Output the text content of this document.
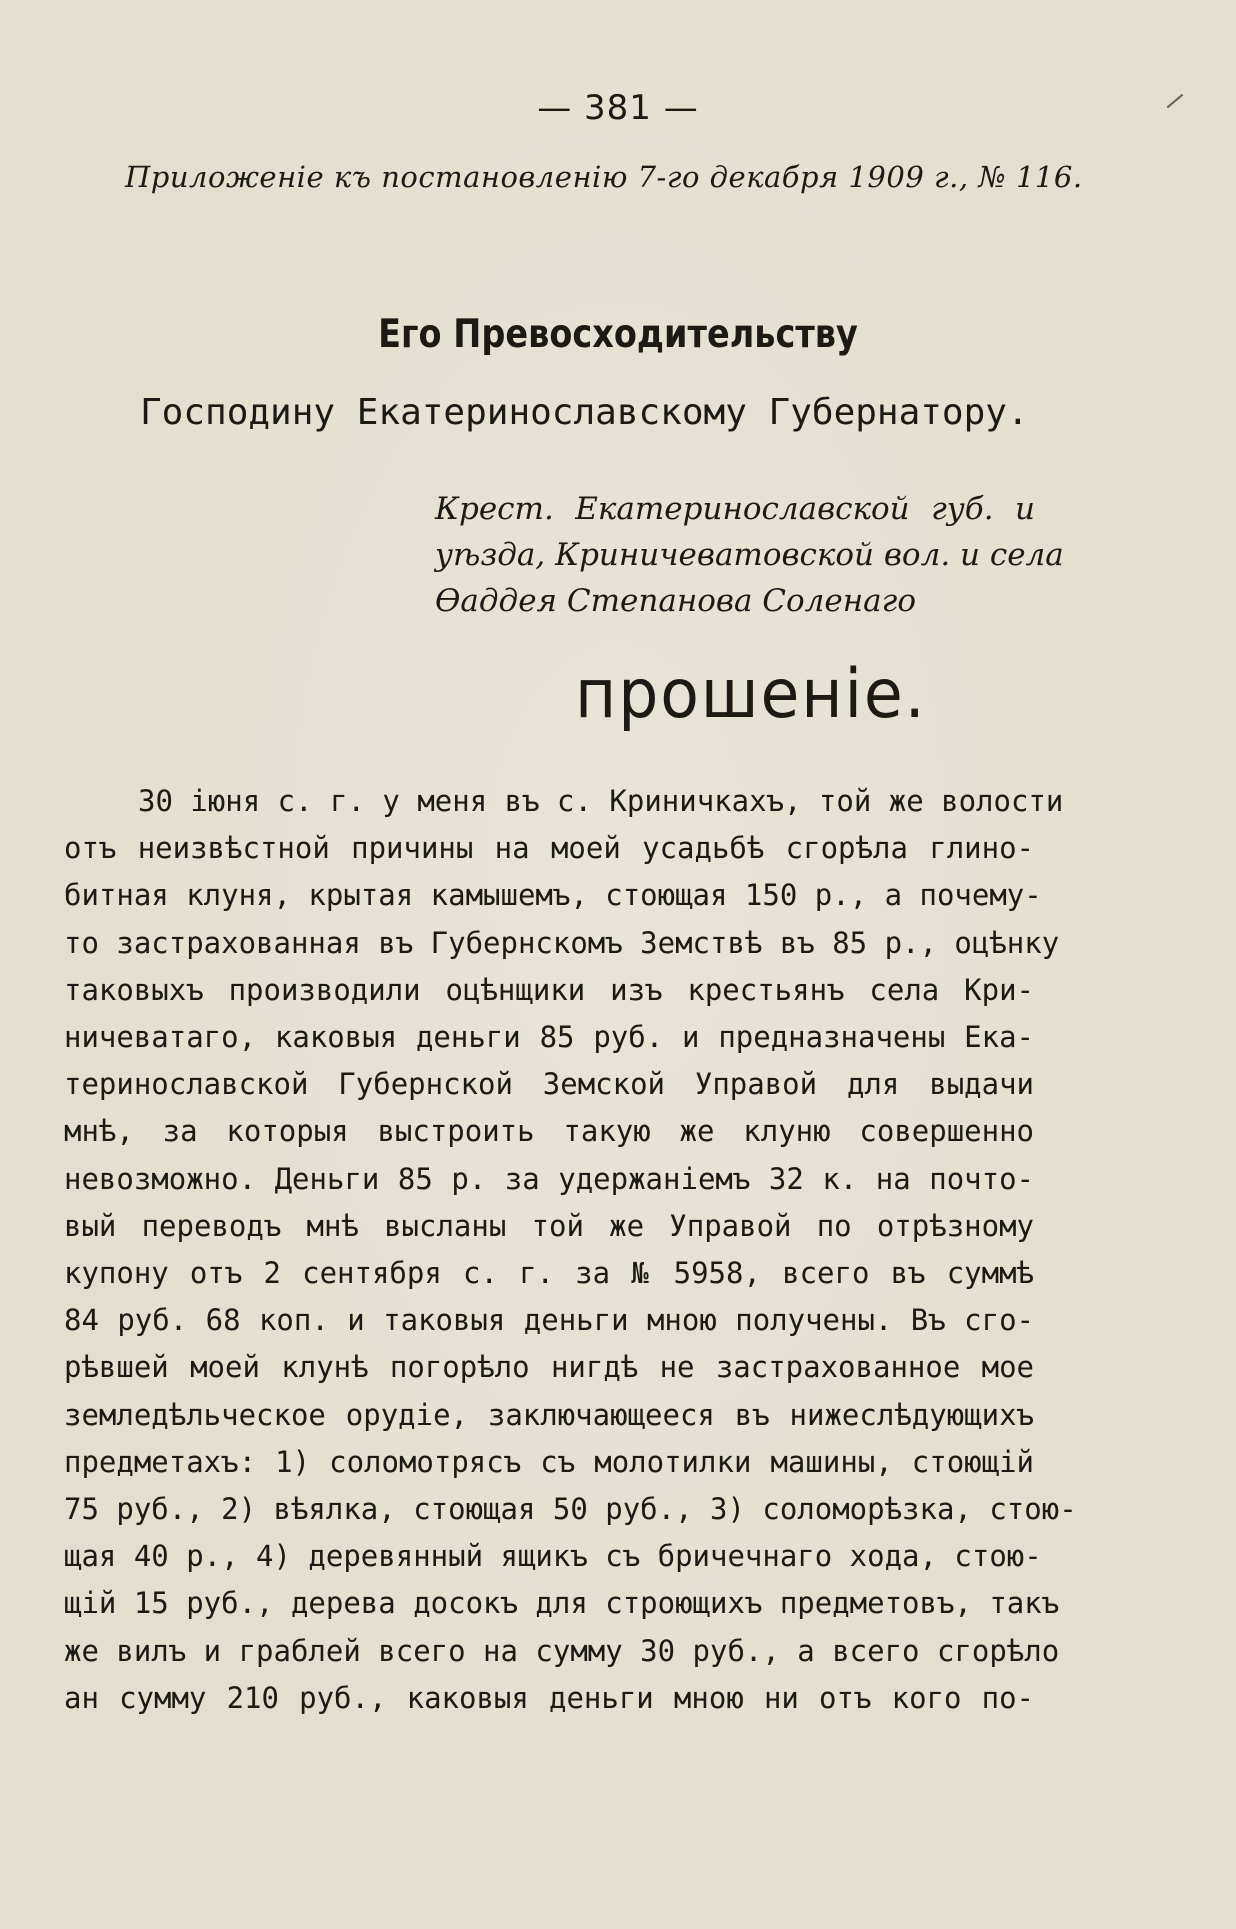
— 381 —
Приложенiе къ постановленiю 7-го декабря 1909 г., № 116.
Его Превосходительству
Господину Екатеринославскому Губернатору.
Крест. Екатеринославской губ. и
уѣзда, Криничеватовской вол. и села
Ѳаддея Степанова Соленаго
прошенiе.
30 iюня с. г. у меня въ с. Криничкахъ, той же волости
отъ неизвѣстной причины на моей усадьбѣ сгорѣла глино-
битная клуня, крытая камышемъ, стоющая 150 р., а почему-
то застрахованная въ Губернскомъ Земствѣ въ 85 р., оцѣнку
таковыхъ производили оцѣнщики изъ крестьянъ села Кри-
ничеватаго, каковыя деньги 85 руб. и предназначены Ека-
теринославской Губернской Земской Управой для выдачи
мнѣ, за которыя выстроить такую же клуню совершенно
невозможно. Деньги 85 р. за удержанiемъ 32 к. на почто-
вый переводъ мнѣ высланы той же Управой по отрѣзному
купону отъ 2 сентября с. г. за № 5958, всего въ суммѣ
84 руб. 68 коп. и таковыя деньги мною получены. Въ сго-
рѣвшей моей клунѣ погорѣло нигдѣ не застрахованное мое
земледѣльческое орудiе, заключающееся въ нижеслѣдующихъ
предметахъ: 1) соломотрясъ съ молотилки машины, стоющiй
75 руб., 2) вѣялка, стоющая 50 руб., 3) соломорѣзка, стою-
щая 40 р., 4) деревянный ящикъ съ бричечнаго хода, стою-
щiй 15 руб., дерева досокъ для строющихъ предметовъ, такъ
же вилъ и граблей всего на сумму 30 руб., а всего сгорѣло
ан сумму 210 руб., каковыя деньги мною ни отъ кого по-
